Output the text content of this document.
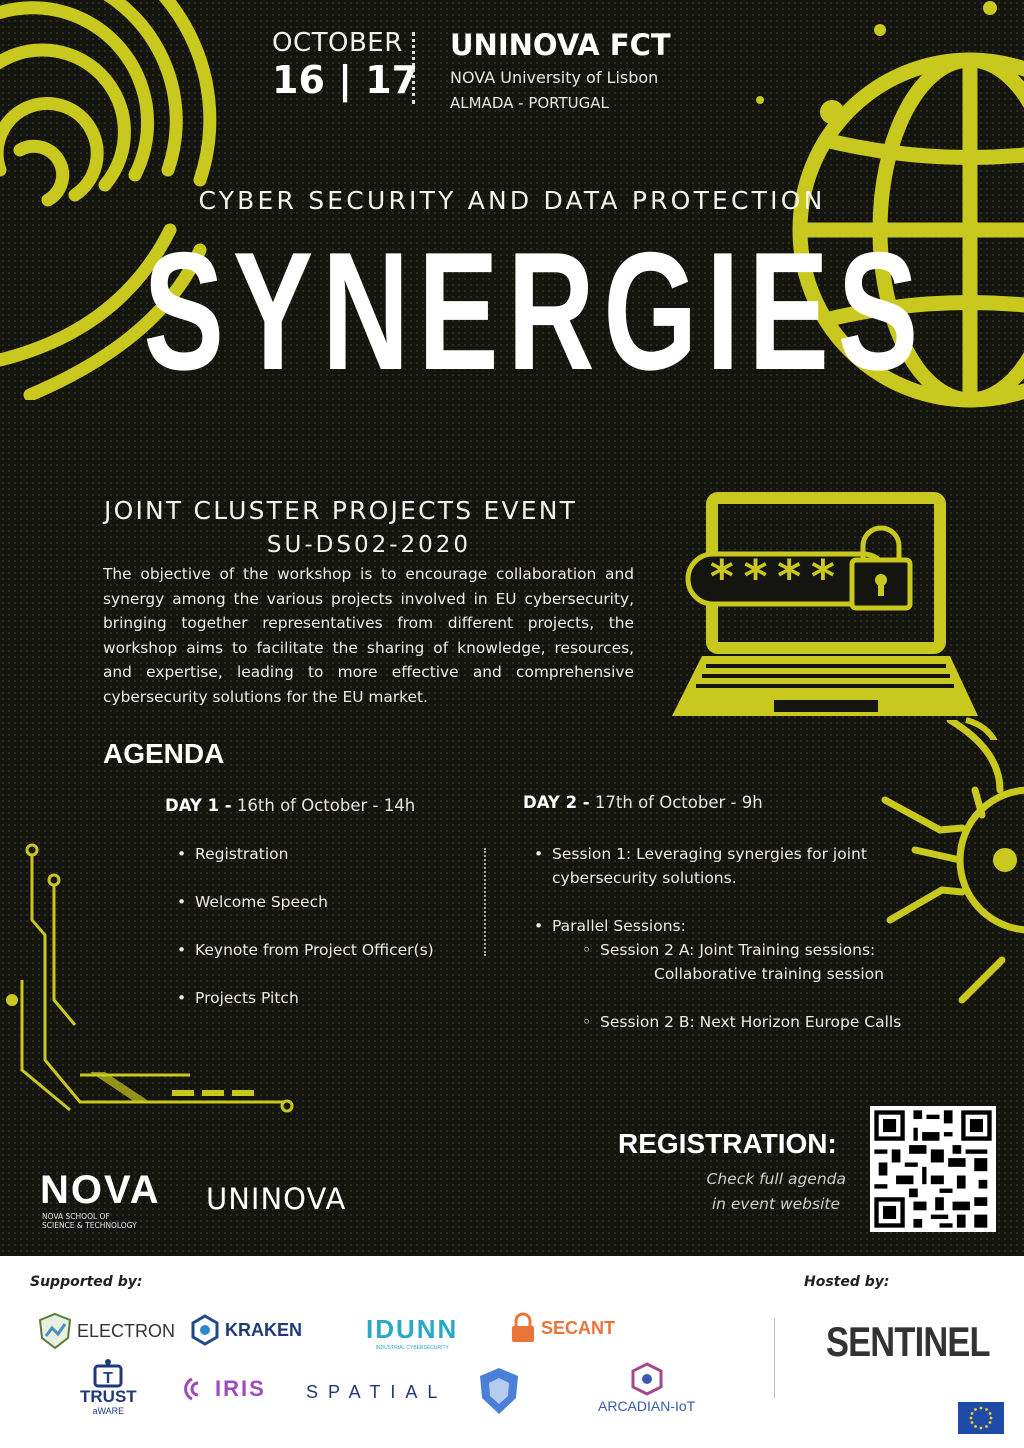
OCTOBER
16 | 17
UNINOVA FCT
NOVA University of Lisbon
ALMADA - PORTUGAL
CYBER SECURITY AND DATA PROTECTION
SYNERGIES
JOINT CLUSTER PROJECTS EVENT
SU-DS02-2020
The objective of the workshop is to encourage collaboration and synergy among the various projects involved in EU cybersecurity, bringing together representatives from different projects, the workshop aims to facilitate the sharing of knowledge, resources, and expertise, leading to more effective and comprehensive cybersecurity solutions for the EU market.
****
AGENDA
DAY 1 - 16th of October - 14h
• Registration
• Welcome Speech
• Keynote from Project Officer(s)
• Projects Pitch
DAY 2 - 17th of October - 9h
• Session 1: Leveraging synergies for joint cybersecurity solutions.
• Parallel Sessions:
◦ Session 2 A: Joint Training sessions:
Collaborative training session
◦ Session 2 B: Next Horizon Europe Calls
REGISTRATION:
Check full agenda
in event website
NOVA
NOVA SCHOOL OF
SCIENCE & TECHNOLOGY
UNINOVA
Supported by:	Hosted by:
ELECTRON	KRAKEN IDUNN
INDUSTRIAL CYBERSECURITY
SECANT
T
TRUST
aWARE
IRIS SPATIAL
ARCADIAN-IoT
SENTINEL
